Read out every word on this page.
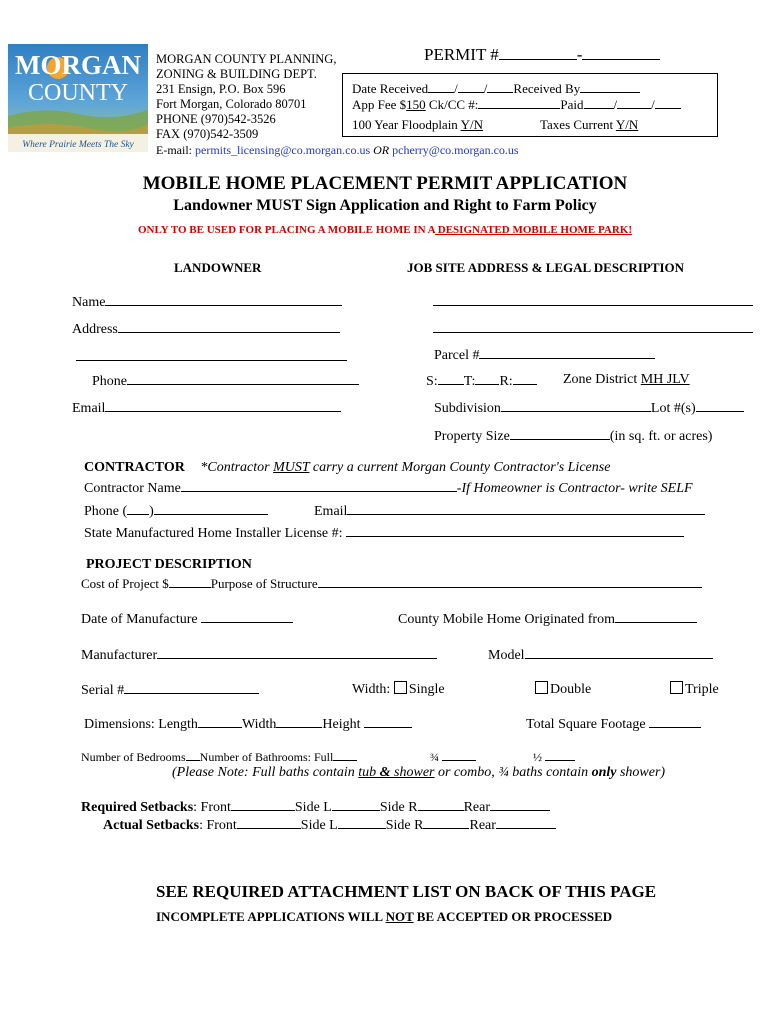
MORGAN
COUNTY
Where Prairie Meets The Sky
MORGAN COUNTY PLANNING,
ZONING & BUILDING DEPT.
231 Ensign, P.O. Box 596
Fort Morgan, Colorado 80701
PHONE (970)542-3526
FAX (970)542-3509
E-mail: permits_licensing@co.morgan.co.us OR pcherry@co.morgan.co.us
PERMIT #	-
Date Received / / Received By
App Fee $150 Ck/CC #:	Paid /	/
100 Year Floodplain Y/N	Taxes Current Y/N
MOBILE HOME PLACEMENT PERMIT APPLICATION
Landowner MUST Sign Application and Right to Farm Policy
ONLY TO BE USED FOR PLACING A MOBILE HOME IN A DESIGNATED MOBILE HOME PARK!
LANDOWNER	JOB SITE ADDRESS & LEGAL DESCRIPTION
Name
Address
Phone
Email
Parcel #
S: T: R:	Zone District MH JLV
Subdivision	Lot #(s)
Property Size	(in sq. ft. or acres)
CONTRACTOR *Contractor MUST carry a current Morgan County Contractor's License
Contractor Name	-If Homeowner is Contractor- write SELF
Phone ( )	Email
State Manufactured Home Installer License #:
PROJECT DESCRIPTION
Cost of Project $	Purpose of Structure
Date of Manufacture	County Mobile Home Originated from
Manufacturer	Model
Serial #	Width: Single	Double	Triple
Dimensions: Length	Width	Height	Total Square Footage
Number of Bedrooms Number of Bathrooms: Full	¾	½
(Please Note: Full baths contain tub & shower or combo, ¾ baths contain only shower)
Required Setbacks: Front	Side L	Side R	Rear
Actual Setbacks: Front	Side L	Side R	Rear
SEE REQUIRED ATTACHMENT LIST ON BACK OF THIS PAGE
INCOMPLETE APPLICATIONS WILL NOT BE ACCEPTED OR PROCESSED
